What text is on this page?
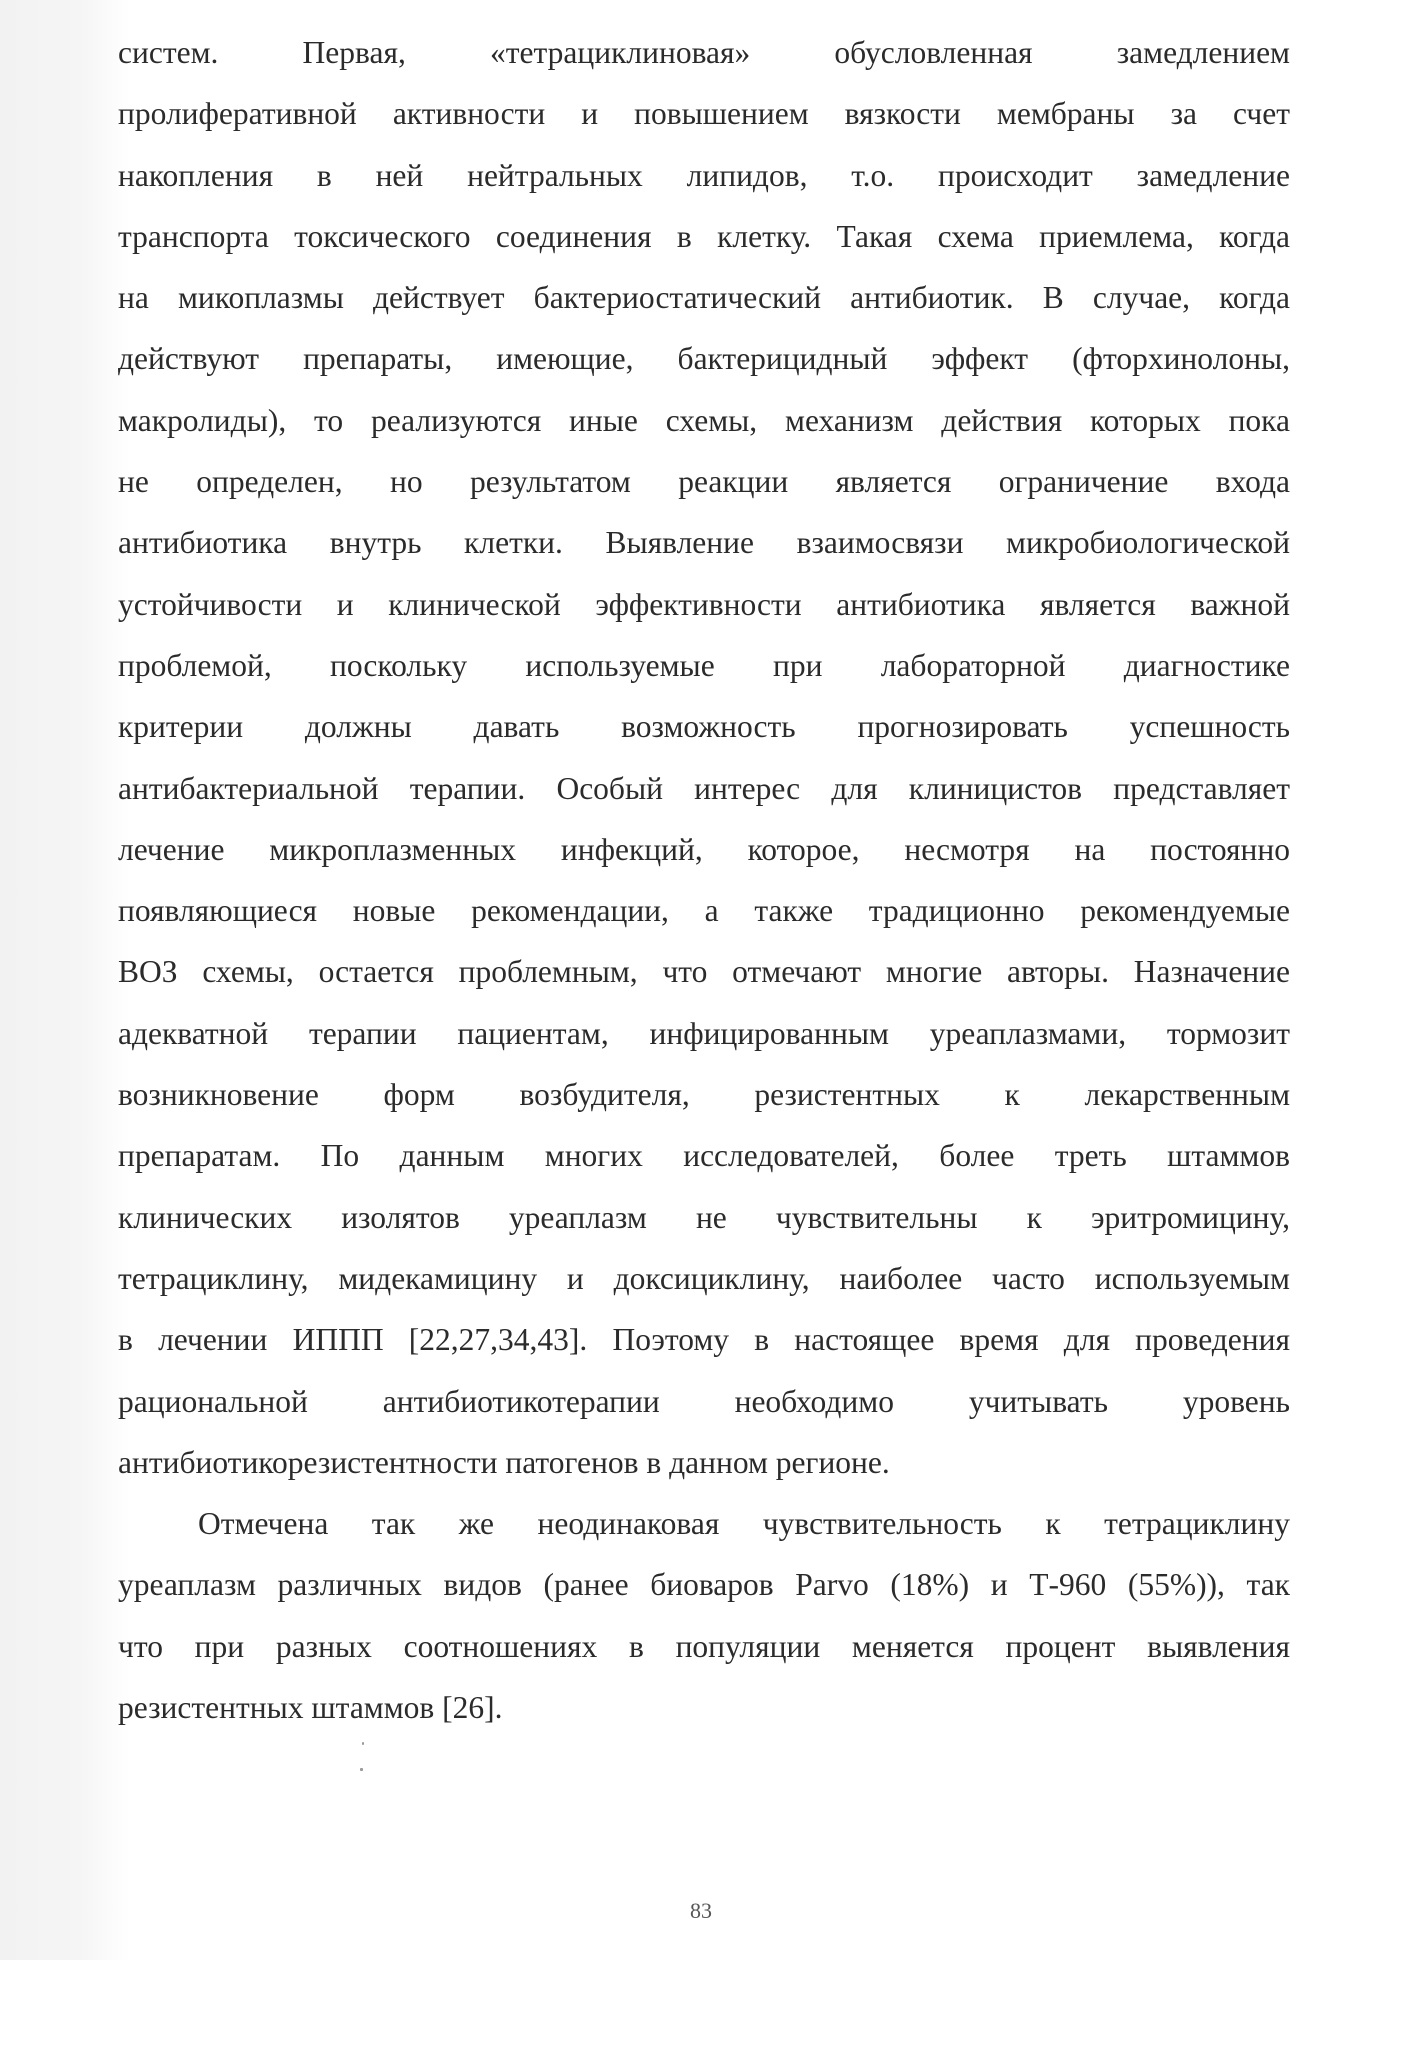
систем. Первая, «тетрациклиновая» обусловленная замедлением
пролиферативной активности и повышением вязкости мембраны за счет
накопления в ней нейтральных липидов, т.о. происходит замедление
транспорта токсического соединения в клетку. Такая схема приемлема, когда
на микоплазмы действует бактериостатический антибиотик. В случае, когда
действуют препараты, имеющие, бактерицидный эффект (фторхинолоны,
макролиды), то реализуются иные схемы, механизм действия которых пока
не определен, но результатом реакции является ограничение входа
антибиотика внутрь клетки. Выявление взаимосвязи микробиологической
устойчивости и клинической эффективности антибиотика является важной
проблемой, поскольку используемые при лабораторной диагностике
критерии должны давать возможность прогнозировать успешность
антибактериальной терапии. Особый интерес для клиницистов представляет
лечение микроплазменных инфекций, которое, несмотря на постоянно
появляющиеся новые рекомендации, а также традиционно рекомендуемые
ВОЗ схемы, остается проблемным, что отмечают многие авторы. Назначение
адекватной терапии пациентам, инфицированным уреаплазмами, тормозит
возникновение форм возбудителя, резистентных к лекарственным
препаратам. По данным многих исследователей, более треть штаммов
клинических изолятов уреаплазм не чувствительны к эритромицину,
тетрациклину, мидекамицину и доксициклину, наиболее часто используемым
в лечении ИППП [22,27,34,43]. Поэтому в настоящее время для проведения
рациональной антибиотикотерапии необходимо учитывать уровень
антибиотикорезистентности патогенов в данном регионе.
Отмечена так же неодинаковая чувствительность к тетрациклину
уреаплазм различных видов (ранее биоваров Parvo (18%) и Т-960 (55%)), так
что при разных соотношениях в популяции меняется процент выявления
резистентных штаммов [26].
83
